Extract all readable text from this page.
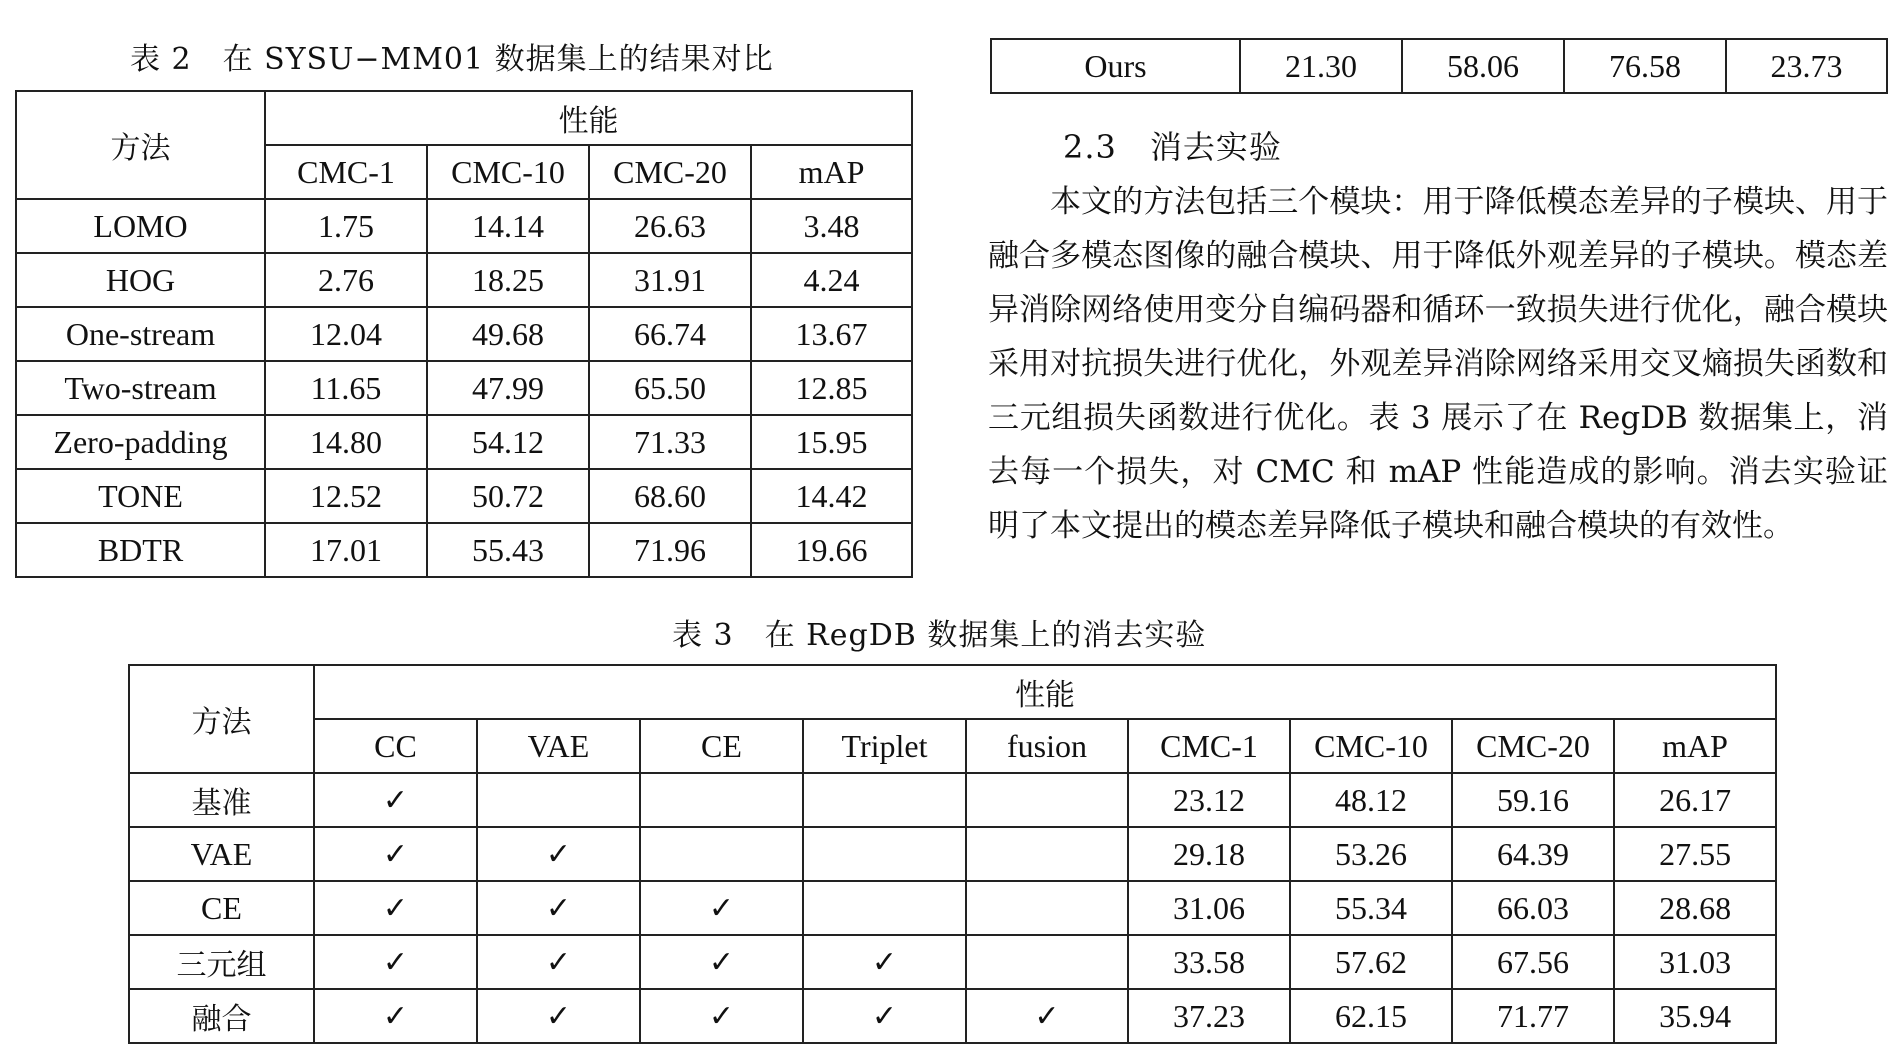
表 2　在 SYSU−MM01 数据集上的结果对比
方法	性能			
	CMC-1	CMC-10	CMC-20	mAP
LOMO	1.75	14.14	26.63	3.48
HOG	2.76	18.25	31.91	4.24
One-stream	12.04	49.68	66.74	13.67
Two-stream	11.65	47.99	65.50	12.85
Zero-padding	14.80	54.12	71.33	15.95
TONE	12.52	50.72	68.60	14.42
BDTR	17.01	55.43	71.96	19.66
Ours	21.30	58.06	76.58	23.73
2.3　消去实验

本文的方法包括三个模块：用于降低模态差异的子模块、用于融合多模态图像的融合模块、用于降低外观差异的子模块。模态差异消除网络使用变分自编码器和循环一致损失进行优化，融合模块采用对抗损失进行优化，外观差异消除网络采用交叉熵损失函数和三元组损失函数进行优化。表 3 展示了在 RegDB 数据集上，消去每一个损失，对 CMC 和 mAP 性能造成的影响。消去实验证明了本文提出的模态差异降低子模块和融合模块的有效性。

表 3　在 RegDB 数据集上的消去实验
方法	性能								
	CC	VAE	CE	Triplet	fusion	CMC-1	CMC-10	CMC-20	mAP
基准	✓					23.12	48.12	59.16	26.17
VAE	✓	✓				29.18	53.26	64.39	27.55
CE	✓	✓	✓			31.06	55.34	66.03	28.68
三元组	✓	✓	✓	✓		33.58	57.62	67.56	31.03
融合	✓	✓	✓	✓	✓	37.23	62.15	71.77	35.94
